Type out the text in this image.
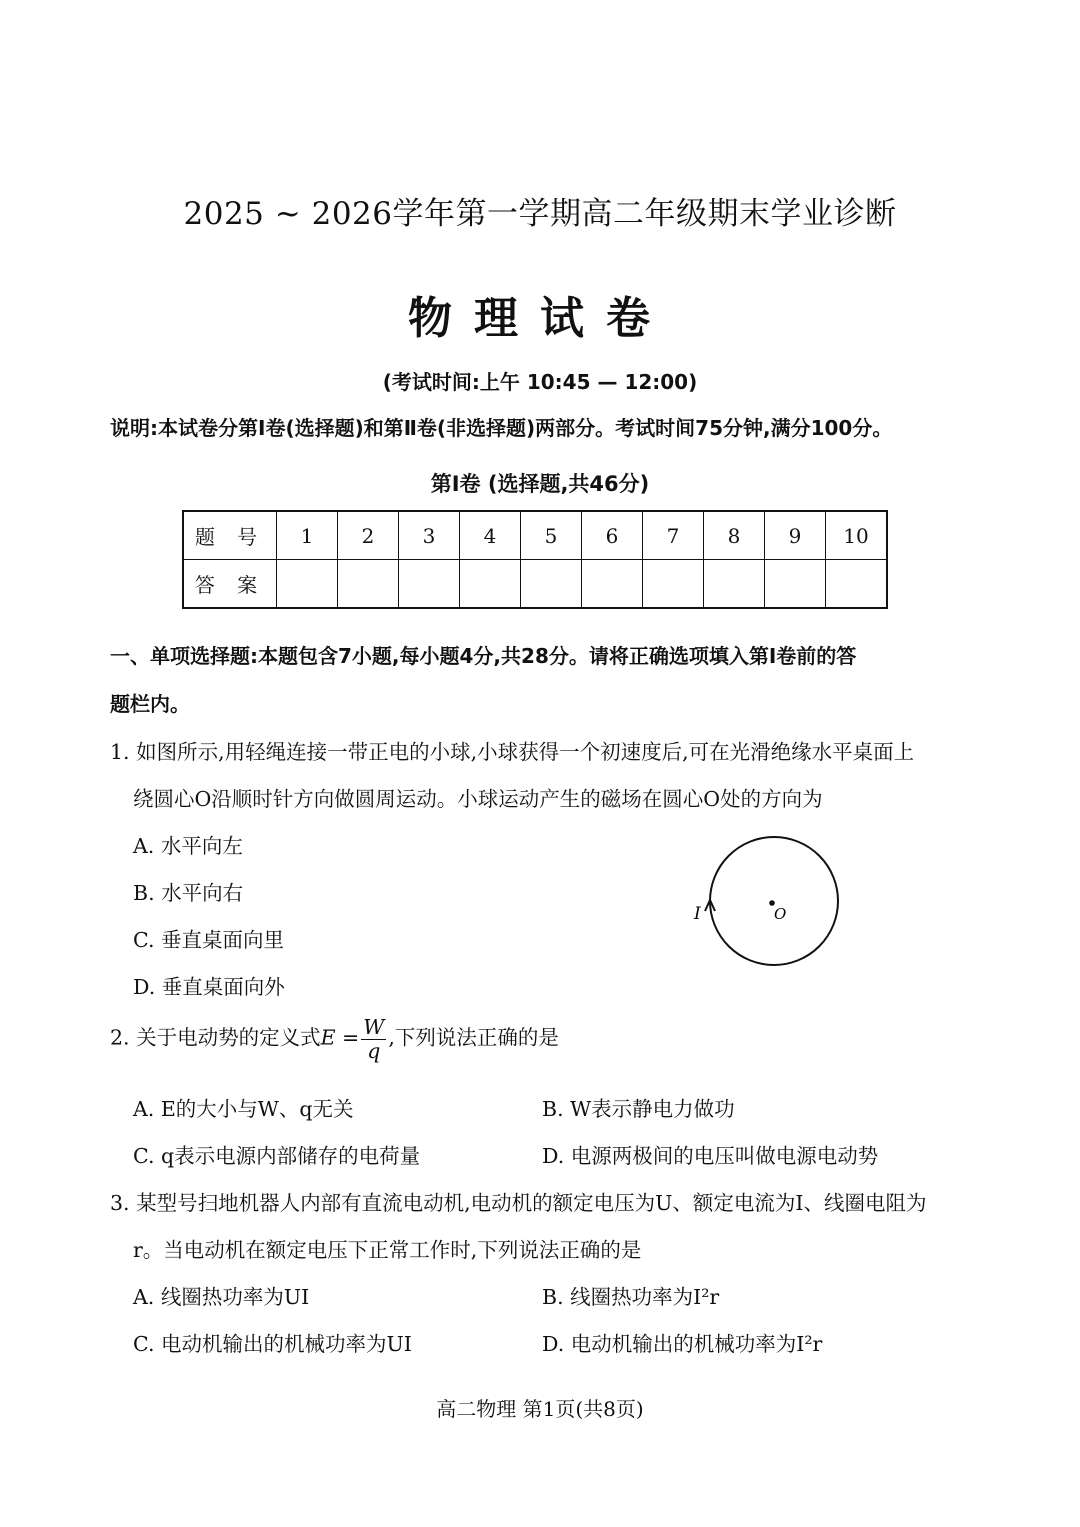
2025 ~ 2026学年第一学期高二年级期末学业诊断
物理试卷
(考试时间:上午 10:45 — 12:00)
说明:本试卷分第Ⅰ卷(选择题)和第Ⅱ卷(非选择题)两部分。考试时间75分钟,满分100分。
第Ⅰ卷 (选择题,共46分)
题 号	1	2	3	4	5	6	7	8	9	10
答 案										
一、单项选择题:本题包含7小题,每小题4分,共28分。请将正确选项填入第Ⅰ卷前的答
题栏内。
1. 如图所示,用轻绳连接一带正电的小球,小球获得一个初速度后,可在光滑绝缘水平桌面上
绕圆心O沿顺时针方向做圆周运动。小球运动产生的磁场在圆心O处的方向为
A. 水平向左
B. 水平向右
C. 垂直桌面向里
D. 垂直桌面向外
I	O
2. 关于电动势的定义式$E = \frac{W}{q}$ ,下列说法正确的是
A. E的大小与W、q无关	B. W表示静电力做功
C. q表示电源内部储存的电荷量	D. 电源两极间的电压叫做电源电动势
3. 某型号扫地机器人内部有直流电动机,电动机的额定电压为U、额定电流为I、线圈电阻为
r。当电动机在额定电压下正常工作时,下列说法正确的是
A. 线圈热功率为UI	B. 线圈热功率为I²r
C. 电动机输出的机械功率为UI	D. 电动机输出的机械功率为I²r
高二物理 第1页(共8页)
